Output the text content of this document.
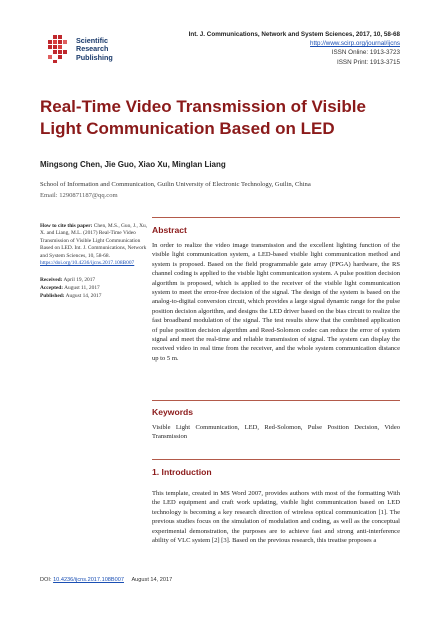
Scientific
Research
Publishing
Int. J. Communications, Network and System Sciences, 2017, 10, 58-68
http://www.scirp.org/journal/ijcns
ISSN Online: 1913-3723
ISSN Print: 1913-3715
Real-Time Video Transmission of Visible Light Communication Based on LED
Mingsong Chen, Jie Guo, Xiao Xu, Minglan Liang
School of Information and Communication, Guilin University of Electronic Technology, Guilin, China
Email: 1290871187@qq.com
How to cite this paper: Chen, M.S., Guo, J., Xu, X. and Liang, M.L. (2017) Real-Time Video Transmission of Visible Light Communication Based on LED. Int. J. Communications, Network and System Sciences, 10, 58-68.
https://doi.org/10.4236/ijcns.2017.108B007
Received: April 19, 2017
Accepted: August 11, 2017
Published: August 14, 2017
Abstract
In order to realize the video image transmission and the excellent lighting function of the visible light communication system, a LED-based visible light communication method and system is proposed. Based on the field programmable gate array (FPGA) hardware, the RS channel coding is applied to the visible light communication system. A pulse position decision algorithm is proposed, which is applied to the receiver of the visible light communication system to meet the error-free decision of the signal. The design of the system is based on the analog-to-digital conversion circuit, which provides a large signal dynamic range for the pulse position decision algorithm, and designs the LED driver based on the bias circuit to realize the fast broadband modulation of the signal. The test results show that the combined application of pulse position decision algorithm and Reed-Solomon codec can reduce the error of system signal and meet the real-time and reliable transmission of signal. The system can display the received video in real time from the receiver, and the whole system communication distance up to 5 m.
Keywords
Visible Light Communication, LED, Red-Solomon, Pulse Position Decision, Video Transmission
1. Introduction
This template, created in MS Word 2007, provides authors with most of the formatting With the LED equipment and craft work updating, visible light communication based on LED technology is becoming a key research direction of wireless optical communication [1]. The previous studies focus on the simulation of modulation and coding, as well as the conceptual experimental demonstration, the purposes are to achieve fast and strong anti-interference ability of VLC system [2] [3]. Based on the previous research, this treatise proposes a
DOI: 10.4236/ijcns.2017.108B007 August 14, 2017
